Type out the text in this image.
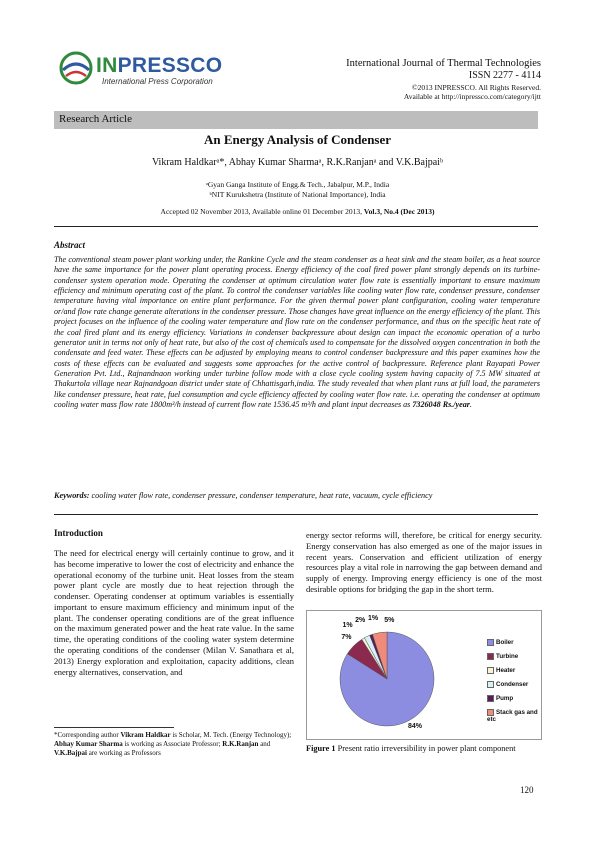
INPRESSCO
International Press Corporation
International Journal of Thermal Technologies
ISSN 2277 - 4114
©2013 INPRESSCO. All Rights Reserved.
Available at http://inpressco.com/category/ijtt
Research Article
An Energy Analysis of Condenser
Vikram Haldkarᵃ*, Abhay Kumar Sharmaᵃ, R.K.Ranjanᵃ and V.K.Bajpaiᵇ
ᵃGyan Ganga Institute of Engg.& Tech., Jabalpur, M.P., India
ᵇNIT Kurukshetra (Institute of National Importance), India
Accepted 02 November 2013, Available online 01 December 2013, Vol.3, No.4 (Dec 2013)
Abstract
The conventional steam power plant working under, the Rankine Cycle and the steam condenser as a heat sink and the steam boiler, as a heat source have the same importance for the power plant operating process. Energy efficiency of the coal fired power plant strongly depends on its turbine-condenser system operation mode. Operating the condenser at optimum circulation water flow rate is essentially important to ensure maximum efficiency and minimum operating cost of the plant. To control the condenser variables like cooling water flow rate, condenser pressure, condenser temperature having vital importance on entire plant performance. For the given thermal power plant configuration, cooling water temperature or/and flow rate change generate alterations in the condenser pressure. Those changes have great influence on the energy efficiency of the plant. This project focuses on the influence of the cooling water temperature and flow rate on the condenser performance, and thus on the specific heat rate of the coal fired plant and its energy efficiency. Variations in condenser backpressure about design can impact the economic operation of a turbo generator unit in terms not only of heat rate, but also of the cost of chemicals used to compensate for the dissolved oxygen concentration in both the condensate and feed water. These effects can be adjusted by employing means to control condenser backpressure and this paper examines how the costs of these effects can be evaluated and suggests some approaches for the active control of backpressure. Reference plant Rayapati Power Generation Pvt. Ltd., Rajnandnaon working under turbine follow mode with a close cycle cooling system having capacity of 7.5 MW situated at Thakurtola village near Rajnandgoan district under state of Chhattisgarh,india. The study revealed that when plant runs at full load, the parameters like condenser pressure, heat rate, fuel consumption and cycle efficiency affected by cooling water flow rate. i.e. operating the condenser at optimum cooling water mass flow rate 1800m³/h instead of current flow rate 1536.45 m³/h and plant input decreases as 7326048 Rs./year.
Keywords: cooling water flow rate, condenser pressure, condenser temperature, heat rate, vacuum, cycle efficiency
Introduction
The need for electrical energy will certainly continue to grow, and it has become imperative to lower the cost of electricity and enhance the operational economy of the turbine unit. Heat losses from the steam power plant cycle are mostly due to heat rejection through the condenser. Operating condenser at optimum variables is essentially important to ensure maximum efficiency and minimum input of the plant. The condenser operating conditions are of the great influence on the maximum generated power and the heat rate value. In the same time, the operating conditions of the cooling water system determine the operating conditions of the condenser (Milan V. Sanathara et al, 2013) Energy exploration and exploitation, capacity additions, clean energy alternatives, conservation, and
energy sector reforms will, therefore, be critical for energy security. Energy conservation has also emerged as one of the major issues in recent years. Conservation and efficient utilization of energy resources play a vital role in narrowing the gap between demand and supply of energy. Improving energy efficiency is one of the most desirable options for bridging the gap in the short term.
Boiler
Turbine
Heater
Condenser
Pump
Stack gas and etc
84%
7%
1%
2% 1% 5%
Figure 1 Present ratio irreversibility in power plant component
*Corresponding author Vikram Haldkar is Scholar, M. Tech. (Energy Technology); Abhay Kumar Sharma is working as Associate Professor; R.K.Ranjan and V.K.Bajpai are working as Professors
120
